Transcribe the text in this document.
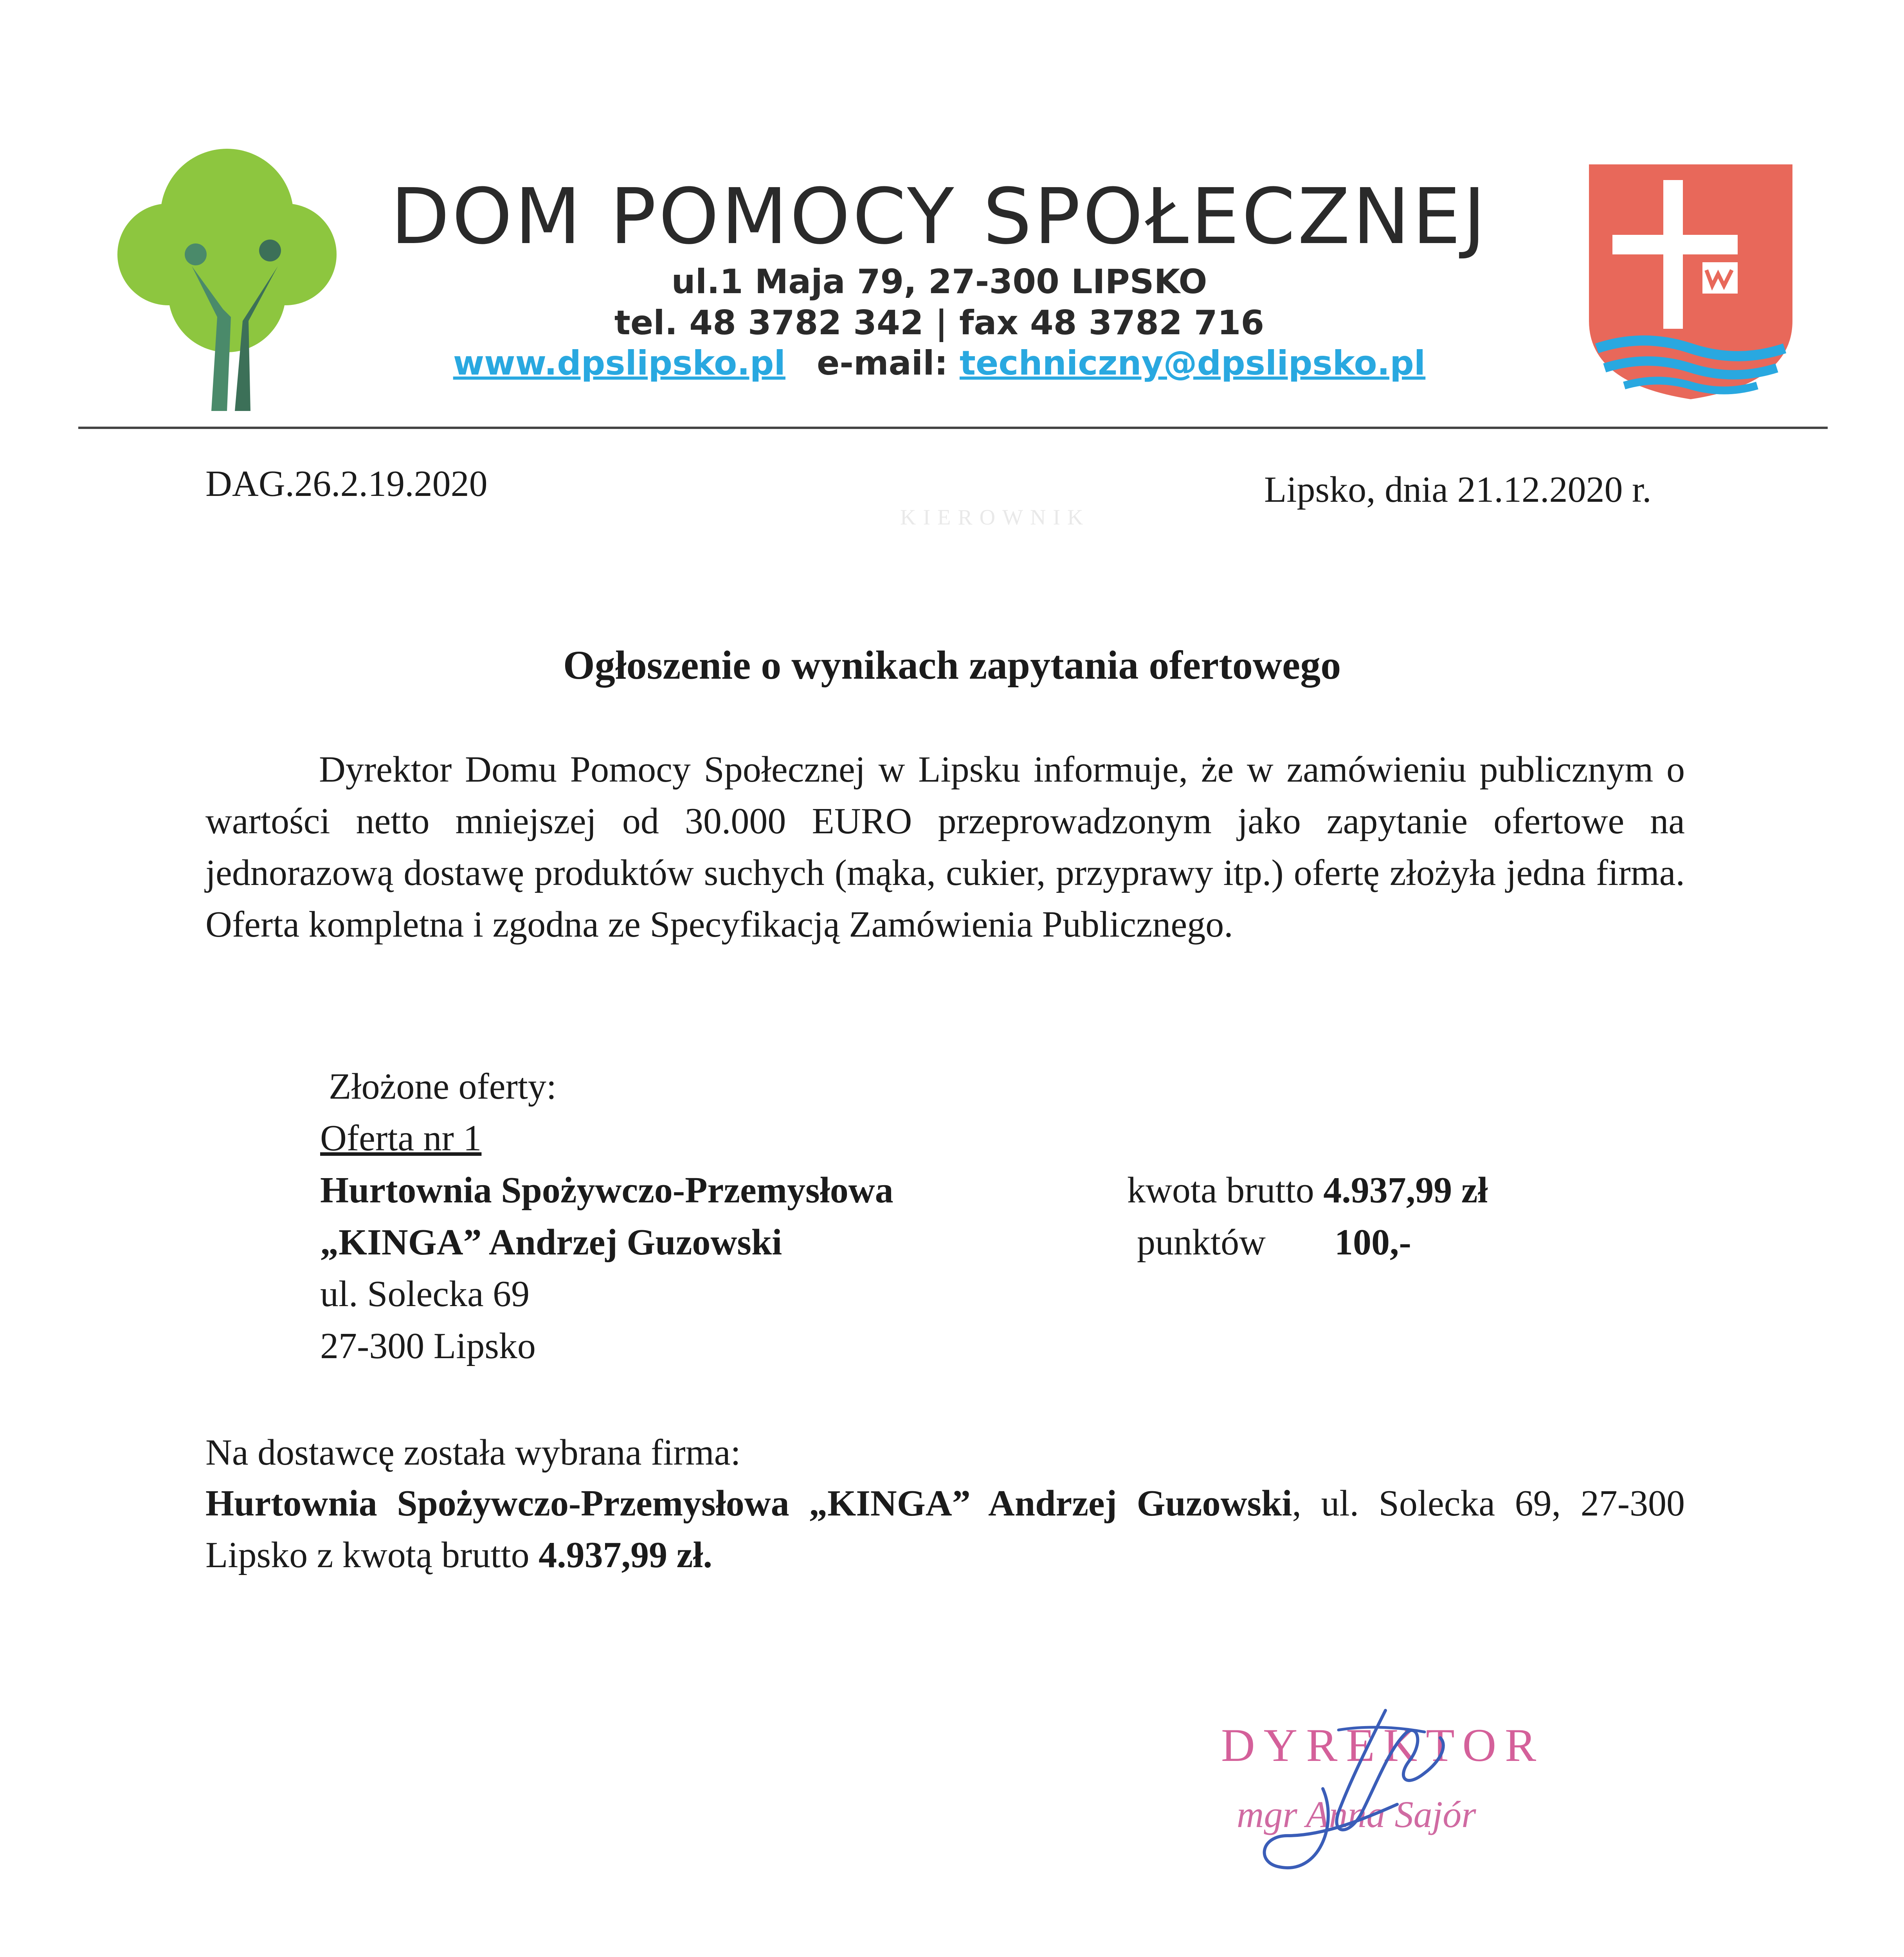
DOM POMOCY SPOŁECZNEJ
ul.1 Maja 79, 27-300 LIPSKO
tel. 48 3782 342 | fax 48 3782 716
www.dpslipsko.pl e-mail: techniczny@dpslipsko.pl
DAG.26.2.19.2020	Lipsko, dnia 21.12.2020 r.
KIEROWNIK
Ogłoszenie o wynikach zapytania ofertowego
Dyrektor Domu Pomocy Społecznej w Lipsku informuje, że w zamówieniu publicznym o wartości netto mniejszej od 30.000 EURO przeprowadzonym jako zapytanie ofertowe na jednorazową dostawę produktów suchych (mąka, cukier, przyprawy itp.) ofertę złożyła jedna firma. Oferta kompletna i zgodna ze Specyfikacją Zamówienia Publicznego.
Złożone oferty:
Oferta nr 1
Hurtownia Spożywczo-Przemysłowa
„KINGA” Andrzej Guzowski
ul. Solecka 69
27-300 Lipsko
kwota brutto 4.937,99 zł
punktów 100,-
Na dostawcę została wybrana firma:
Hurtownia Spożywczo-Przemysłowa „KINGA” Andrzej Guzowski, ul. Solecka 69, 27-300 Lipsko z kwotą brutto 4.937,99 zł.
DYREKTOR
mgr Anna Sajór
